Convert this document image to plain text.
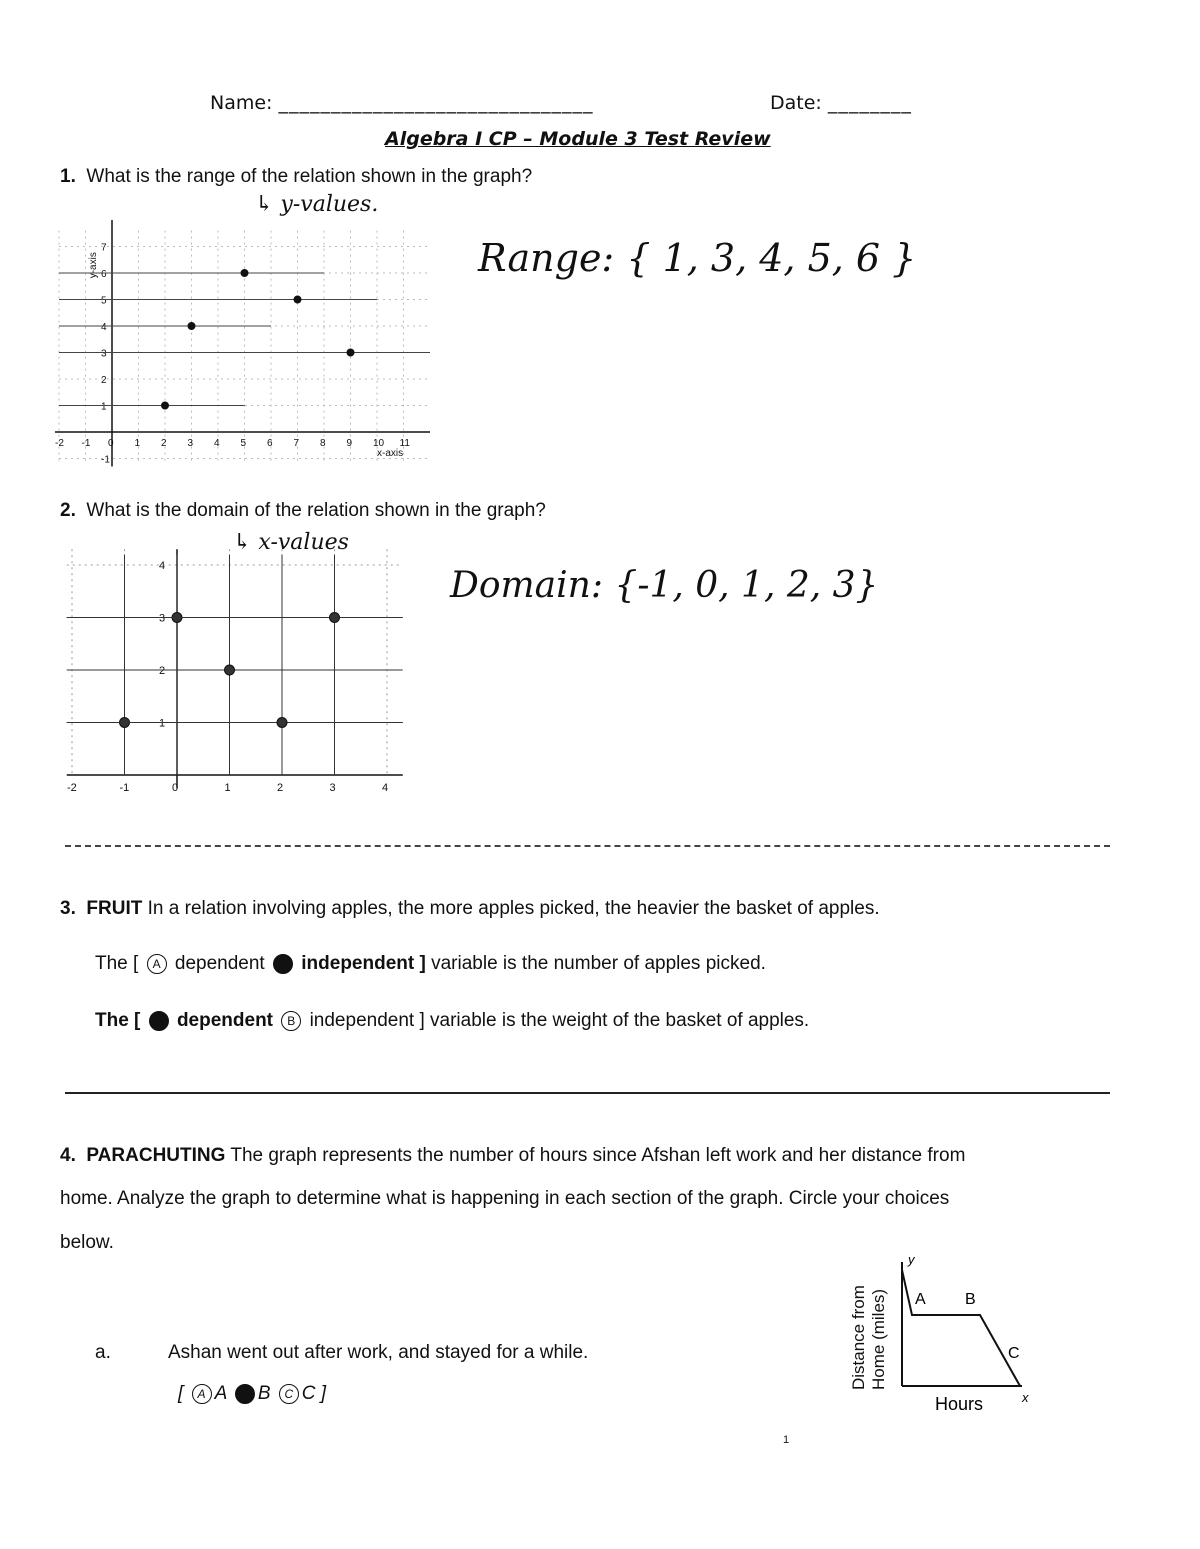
Name: ______________________________	Date: ________
Algebra I CP – Module 3 Test Review
1. What is the range of the relation shown in the graph?
↳ y-values.
Range: { 1, 3, 4, 5, 6 }
-2 -1 0 1 2 3 4 5 6 7 8 9 10 11
-1
1
2
3
4
5
6
7
x-axis
y-axis
2. What is the domain of the relation shown in the graph?
↳ x-values
Domain: {-1, 0, 1, 2, 3}
-2	-1	0	1	2	3	4
1
2
3
4
3. FRUIT In a relation involving apples, the more apples picked, the heavier the basket of apples.
The [ A dependent B independent ] variable is the number of apples picked.
The [ A dependent B independent ] variable is the weight of the basket of apples.
4. PARACHUTING The graph represents the number of hours since Afshan left work and her distance from
home. Analyze the graph to determine what is happening in each section of the graph. Circle your choices
below.
a.	Ashan went out after work, and stayed for a while.
[ A A B B C C ]
Distance from Home (miles)
y
x
A B
C
Hours
1
